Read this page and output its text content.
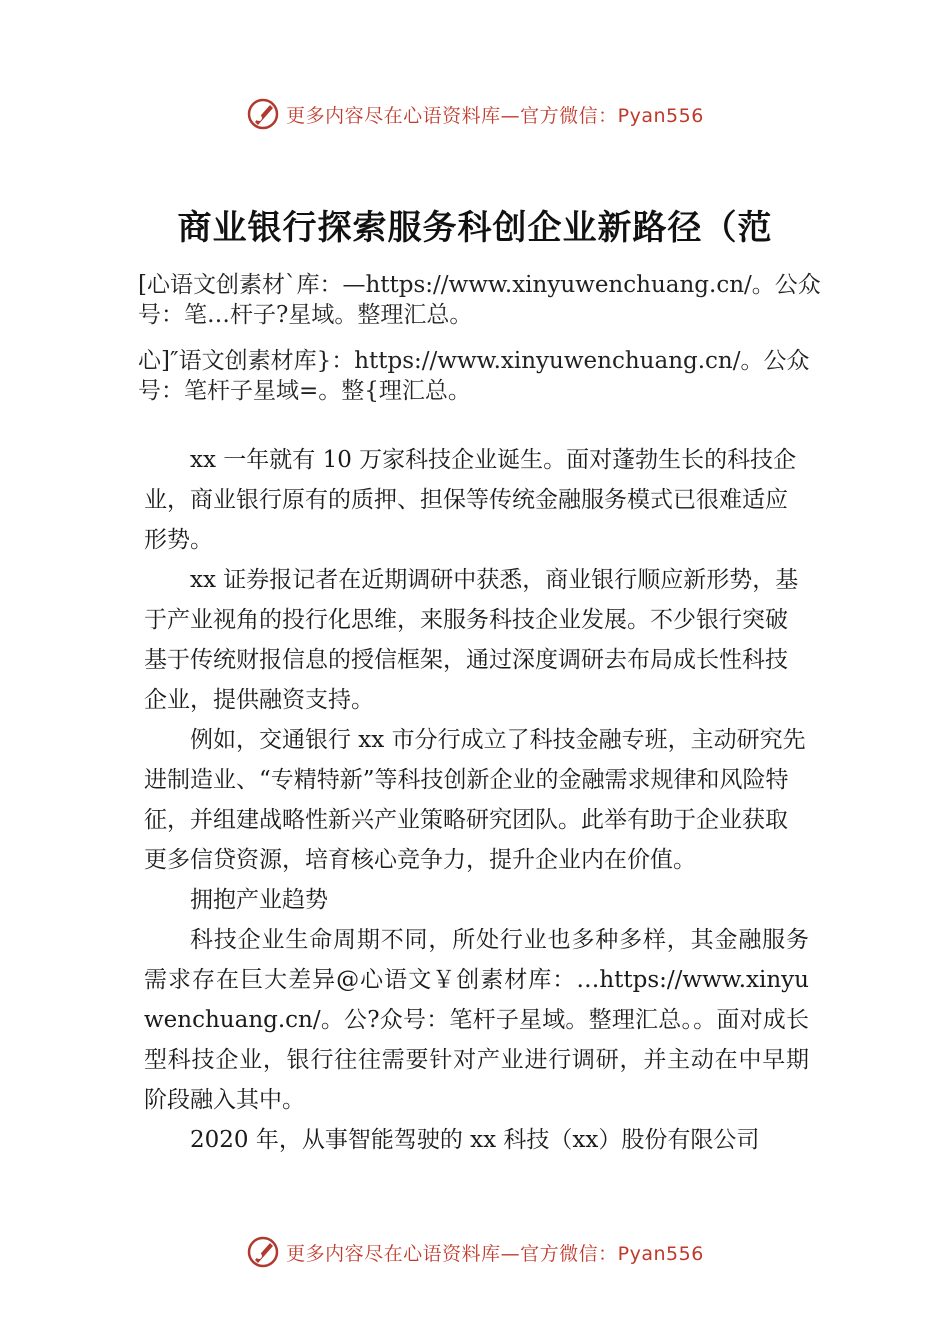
更多内容尽在心语资料库—官方微信：Pyan556
商业银行探索服务科创企业新路径（范
[心语文创素材`库：—https://www.xinyuwenchuang.cn/。公众号：笔…杆子?星域。整理汇总。
心]″语文创素材库}：https://www.xinyuwenchuang.cn/。公众号：笔杆子星域=。整{理汇总。

xx 一年就有 10 万家科技企业诞生。面对蓬勃生长的科技企业，商业银行原有的质押、担保等传统金融服务模式已很难适应形势。

xx 证券报记者在近期调研中获悉，商业银行顺应新形势，基于产业视角的投行化思维，来服务科技企业发展。不少银行突破基于传统财报信息的授信框架，通过深度调研去布局成长性科技企业，提供融资支持。

例如，交通银行 xx 市分行成立了科技金融专班，主动研究先进制造业、“专精特新”等科技创新企业的金融需求规律和风险特征，并组建战略性新兴产业策略研究团队。此举有助于企业获取更多信贷资源，培育核心竞争力，提升企业内在价值。

拥抱产业趋势

科技企业生命周期不同，所处行业也多种多样，其金融服务需求存在巨大差异@心语文￥创素材库：…https://www.xinyuwenchuang.cn/。公?众号：笔杆子星域。整理汇总。。面对成长型科技企业，银行往往需要针对产业进行调研，并主动在中早期阶段融入其中。

2020 年，从事智能驾驶的 xx 科技（xx）股份有限公司

更多内容尽在心语资料库—官方微信：Pyan556
